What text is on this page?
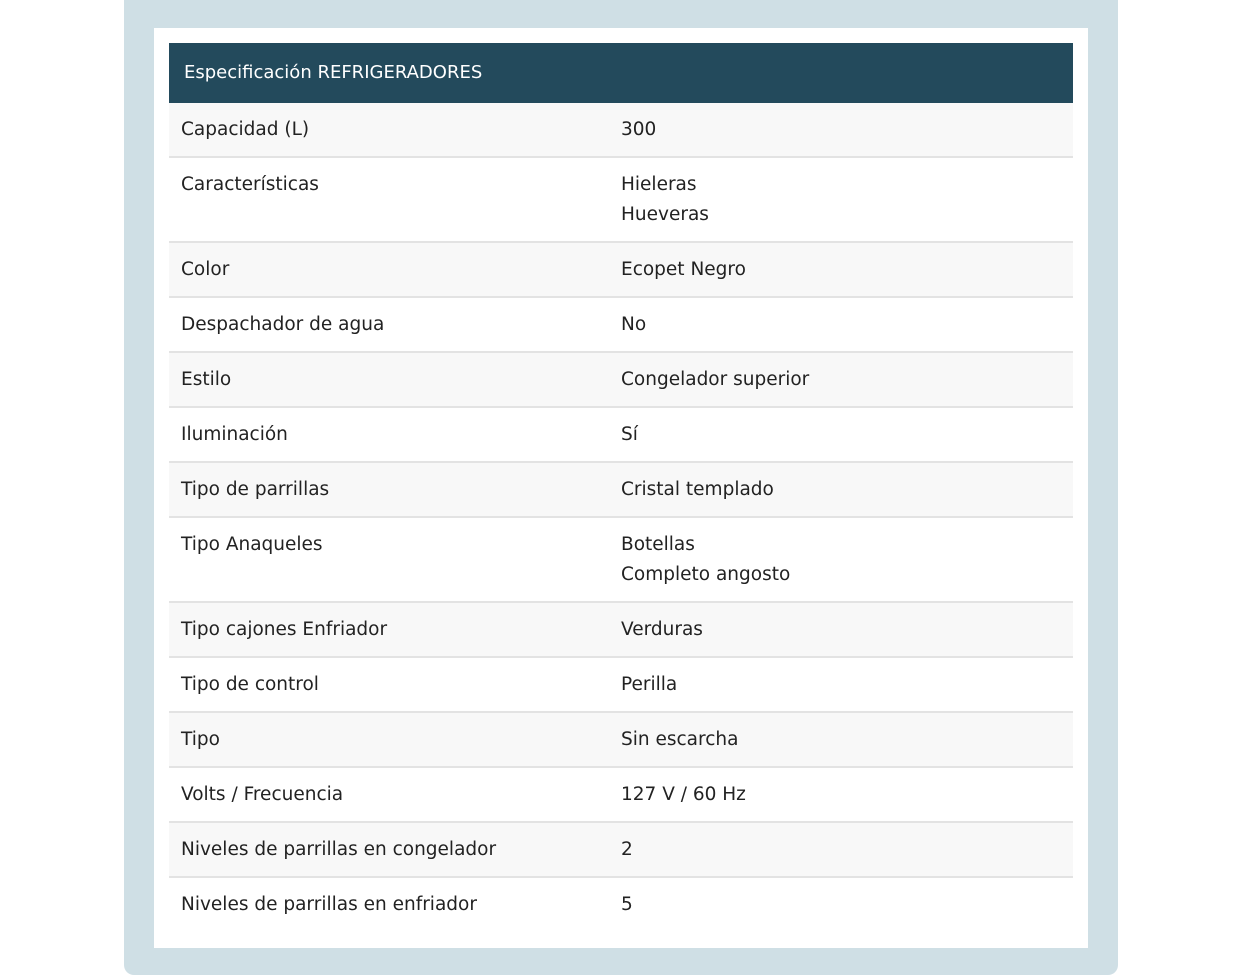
Especificación REFRIGERADORES
Capacidad (L)	300
Características	Hieleras
Hueveras
Color	Ecopet Negro
Despachador de agua	No
Estilo	Congelador superior
Iluminación	Sí
Tipo de parrillas	Cristal templado
Tipo Anaqueles	Botellas
Completo angosto
Tipo cajones Enfriador	Verduras
Tipo de control	Perilla
Tipo	Sin escarcha
Volts / Frecuencia	127 V / 60 Hz
Niveles de parrillas en congelador	2
Niveles de parrillas en enfriador	5
